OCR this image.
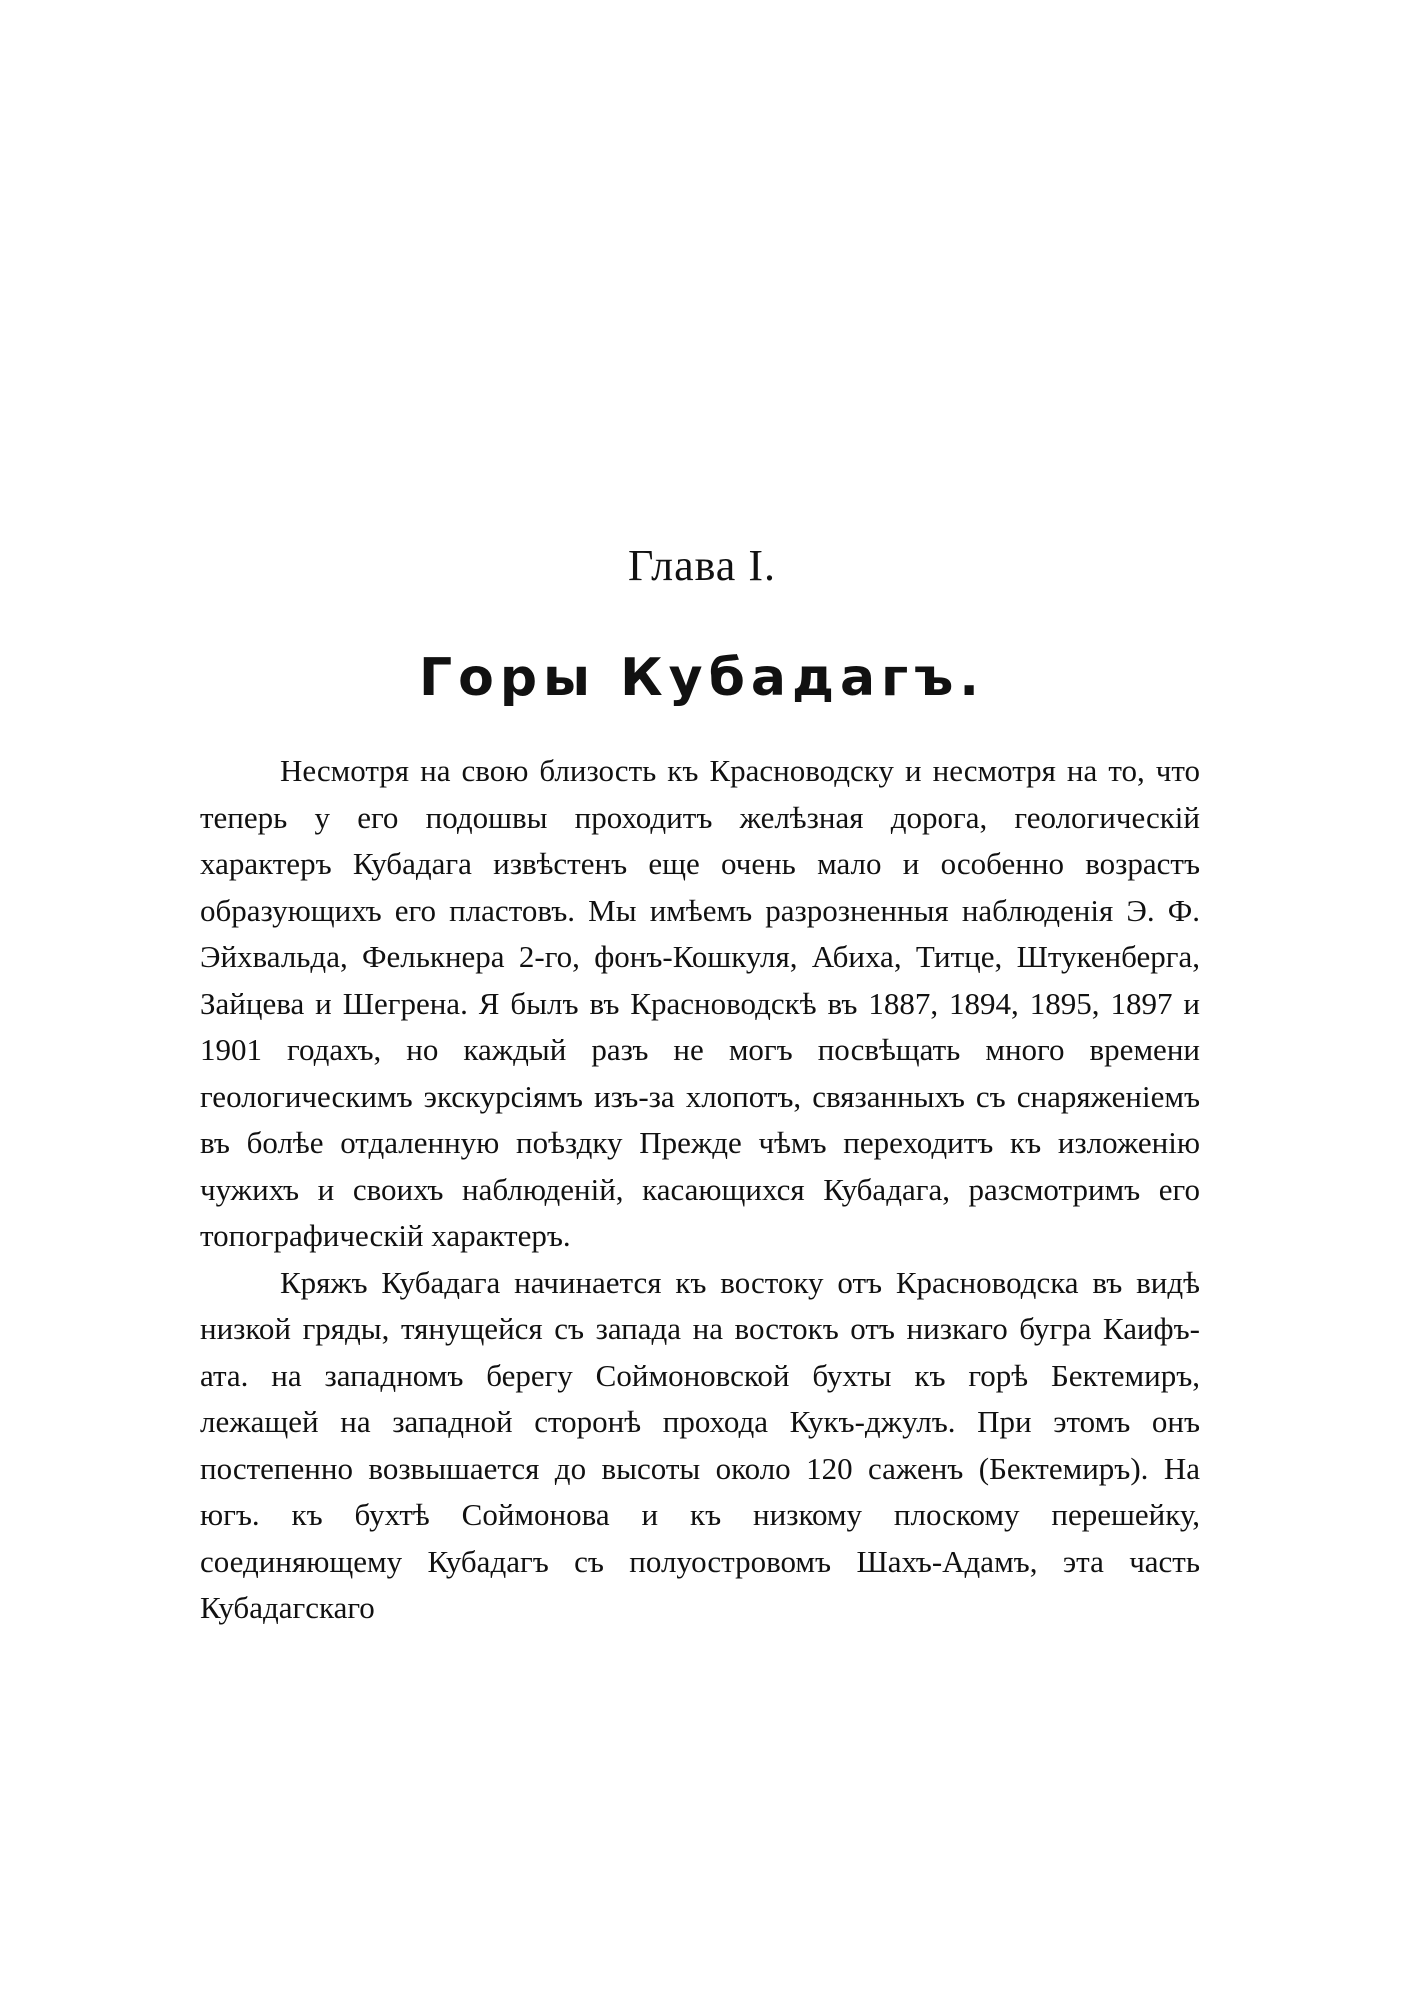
Глава I.
Горы Кубадагъ.

Несмотря на свою близость къ Красноводску и несмотря на то, что теперь у его подошвы проходитъ желѣзная дорога, геологическій характеръ Кубадага извѣстенъ еще очень мало и особенно возрастъ образующихъ его пластовъ. Мы имѣемъ разрозненныя наблюденія Э. Ф. Эйхвальда, Фелькнера 2-го, фонъ-Кошкуля, Абиха, Титце, Штукенберга, Зайцева и Шегрена. Я былъ въ Красноводскѣ въ 1887, 1894, 1895, 1897 и 1901 годахъ, но каждый разъ не могъ посвѣщать много времени геологическимъ экскурсіямъ изъ-за хлопотъ, связанныхъ съ снаряженіемъ въ болѣе отдаленную поѣздку Прежде чѣмъ переходитъ къ изложенію чужихъ и своихъ наблюденій, касающихся Кубадага, разсмотримъ его топографическій характеръ.

Кряжъ Кубадага начинается къ востоку отъ Красноводска въ видѣ низкой гряды, тянущейся съ запада на востокъ отъ низкаго бугра Каифъ-ата. на западномъ берегу Соймоновской бухты къ горѣ Бектемиръ, лежащей на западной сторонѣ прохода Кукъ-джулъ. При этомъ онъ постепенно возвышается до высоты около 120 саженъ (Бектемиръ). На югъ. къ бухтѣ Соймонова и къ низкому плоскому перешейку, соединяющему Кубадагъ съ полуостровомъ Шахъ-Адамъ, эта часть Кубадагскаго
